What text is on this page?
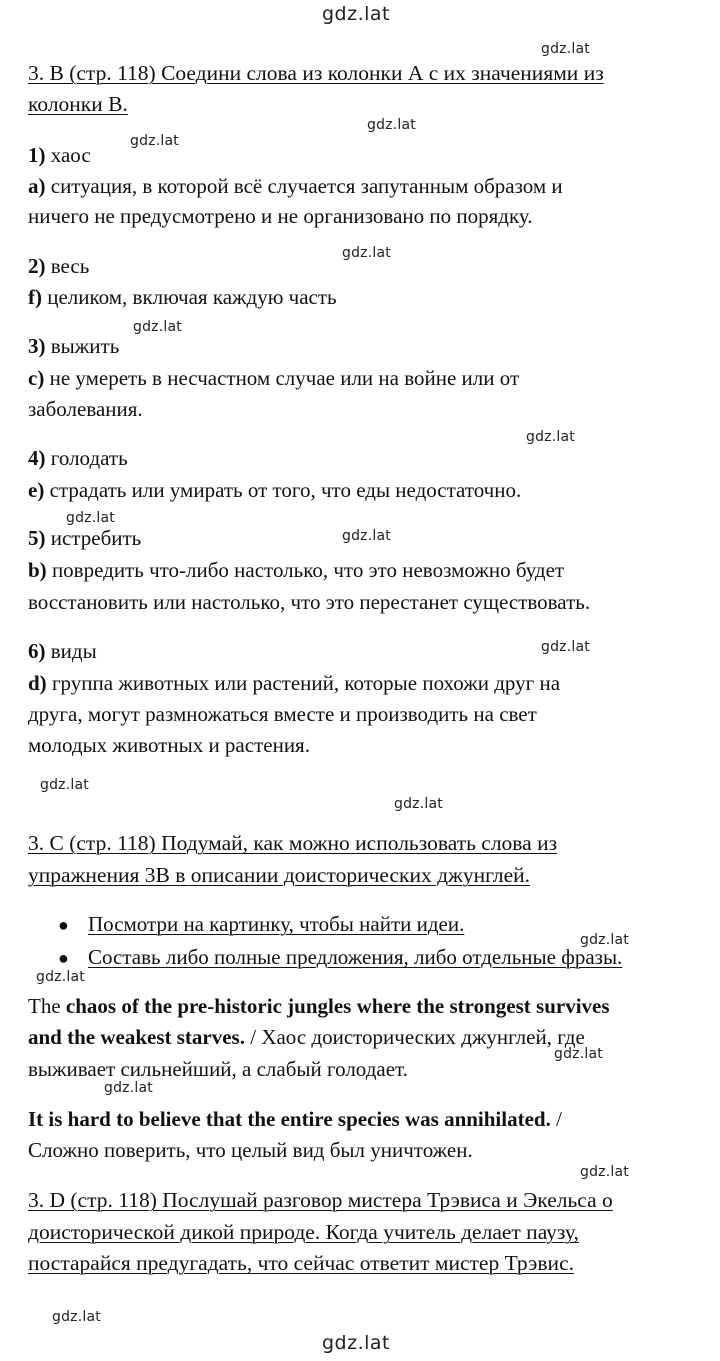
gdz.lat
gdz.lat
gdz.lat
gdz.lat
gdz.lat
gdz.lat
gdz.lat
gdz.lat
gdz.lat
gdz.lat
gdz.lat
gdz.lat
gdz.lat
gdz.lat
gdz.lat
gdz.lat
gdz.lat
gdz.lat
3. B (стр. 118) Соедини слова из колонки А с их значениями из
колонки B.
1) хаос
a) ситуация, в которой всё случается запутанным образом и
ничего не предусмотрено и не организовано по порядку.
2) весь
f) целиком, включая каждую часть
3) выжить
c) не умереть в несчастном случае или на войне или от
заболевания.
4) голодать
e) страдать или умирать от того, что еды недостаточно.
5) истребить
b) повредить что-либо настолько, что это невозможно будет
восстановить или настолько, что это перестанет существовать.
6) виды
d) группа животных или растений, которые похожи друг на
друга, могут размножаться вместе и производить на свет
молодых животных и растения.
3. C (стр. 118) Подумай, как можно использовать слова из
упражнения 3B в описании доисторических джунглей.
● Посмотри на картинку, чтобы найти идеи.
● Составь либо полные предложения, либо отдельные фразы.
The chaos of the pre-historic jungles where the strongest survives
and the weakest starves. / Хаос доисторических джунглей, где
выживает сильнейший, а слабый голодает.
It is hard to believe that the entire species was annihilated. /
Сложно поверить, что целый вид был уничтожен.
3. D (стр. 118) Послушай разговор мистера Трэвиса и Экельса о
доисторической дикой природе. Когда учитель делает паузу,
постарайся предугадать, что сейчас ответит мистер Трэвис.
gdz.lat
